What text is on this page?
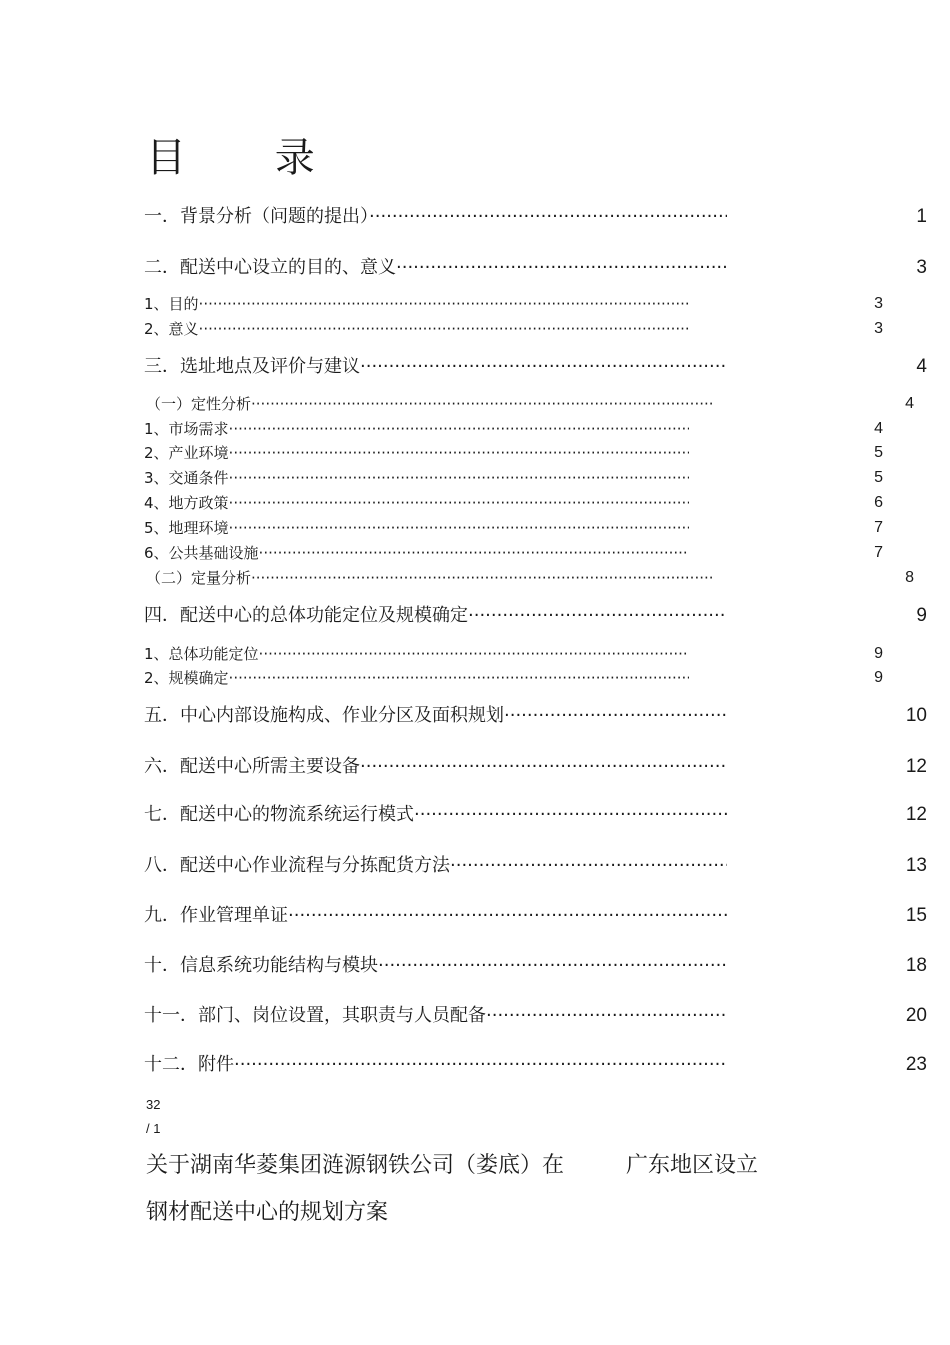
目 录
一．背景分析（问题的提出） ·····	1
二．配送中心设立的目的、意义 ·····	3
1、目的 ·····	3
2、意义 ·····	3
三．选址地点及评价与建议 ·····	4
（一）定性分析 ·····	4
1、市场需求 ·····	4
2、产业环境 ·····	5
3、交通条件 ·····	5
4、地方政策 ·····	6
5、地理环境 ·····	7
6、公共基础设施 ·····	7
（二）定量分析 ·····	8
四．配送中心的总体功能定位及规模确定 ·····	9
1、总体功能定位 ·····	9
2、规模确定 ·····	9
五．中心内部设施构成、作业分区及面积规划 ·····	10
六．配送中心所需主要设备 ·····	12
七．配送中心的物流系统运行模式 ·····	12
八．配送中心作业流程与分拣配货方法 ·····	13
九．作业管理单证 ·····	15
十．信息系统功能结构与模块 ·····	18
十一．部门、岗位设置，其职责与人员配备 ·····	20
十二．附件 ·····	23
32
/ 1
关于湖南华菱集团涟源钢铁公司（娄底）在	广东地区设立
钢材配送中心的规划方案
